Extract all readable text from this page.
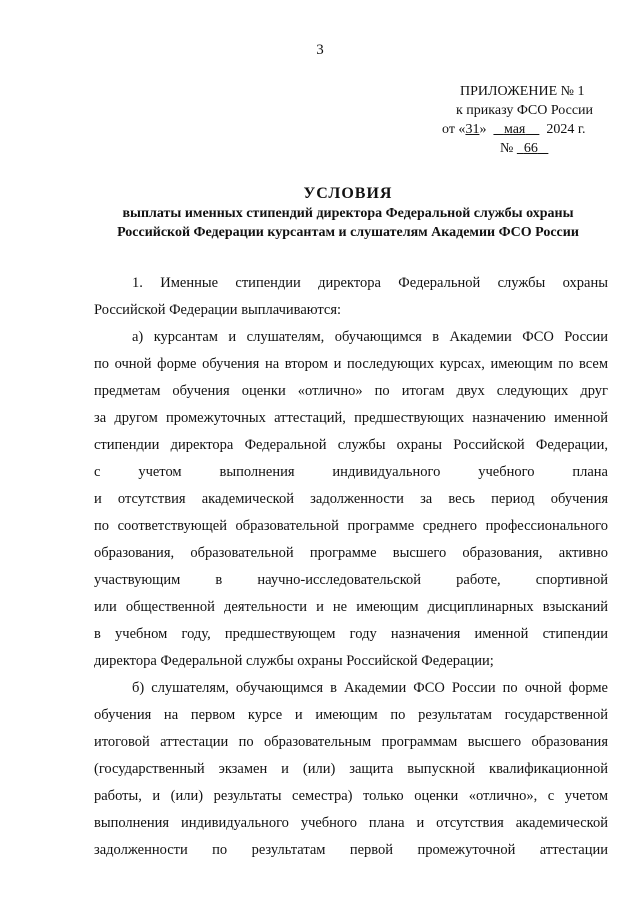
3
ПРИЛОЖЕНИЕ № 1
к приказу ФСО России
от «31» мая 2024 г.
№ 66
УСЛОВИЯ
выплаты именных стипендий директора Федеральной службы охраны
Российской Федерации курсантам и слушателям Академии ФСО России
1. Именные стипендии директора Федеральной службы охраны
Российской Федерации выплачиваются:
а) курсантам и слушателям, обучающимся в Академии ФСО России
по очной форме обучения на втором и последующих курсах, имеющим по всем
предметам обучения оценки «отлично» по итогам двух следующих друг
за другом промежуточных аттестаций, предшествующих назначению именной
стипендии директора Федеральной службы охраны Российской Федерации,
с учетом выполнения индивидуального учебного плана
и отсутствия академической задолженности за весь период обучения
по соответствующей образовательной программе среднего профессионального
образования, образовательной программе высшего образования, активно
участвующим в научно-исследовательской работе, спортивной
или общественной деятельности и не имеющим дисциплинарных взысканий
в учебном году, предшествующем году назначения именной стипендии
директора Федеральной службы охраны Российской Федерации;
б) слушателям, обучающимся в Академии ФСО России по очной форме
обучения на первом курсе и имеющим по результатам государственной
итоговой аттестации по образовательным программам высшего образования
(государственный экзамен и (или) защита выпускной квалификационной
работы, и (или) результаты семестра) только оценки «отлично», с учетом
выполнения индивидуального учебного плана и отсутствия академической
задолженности по результатам первой промежуточной аттестации
